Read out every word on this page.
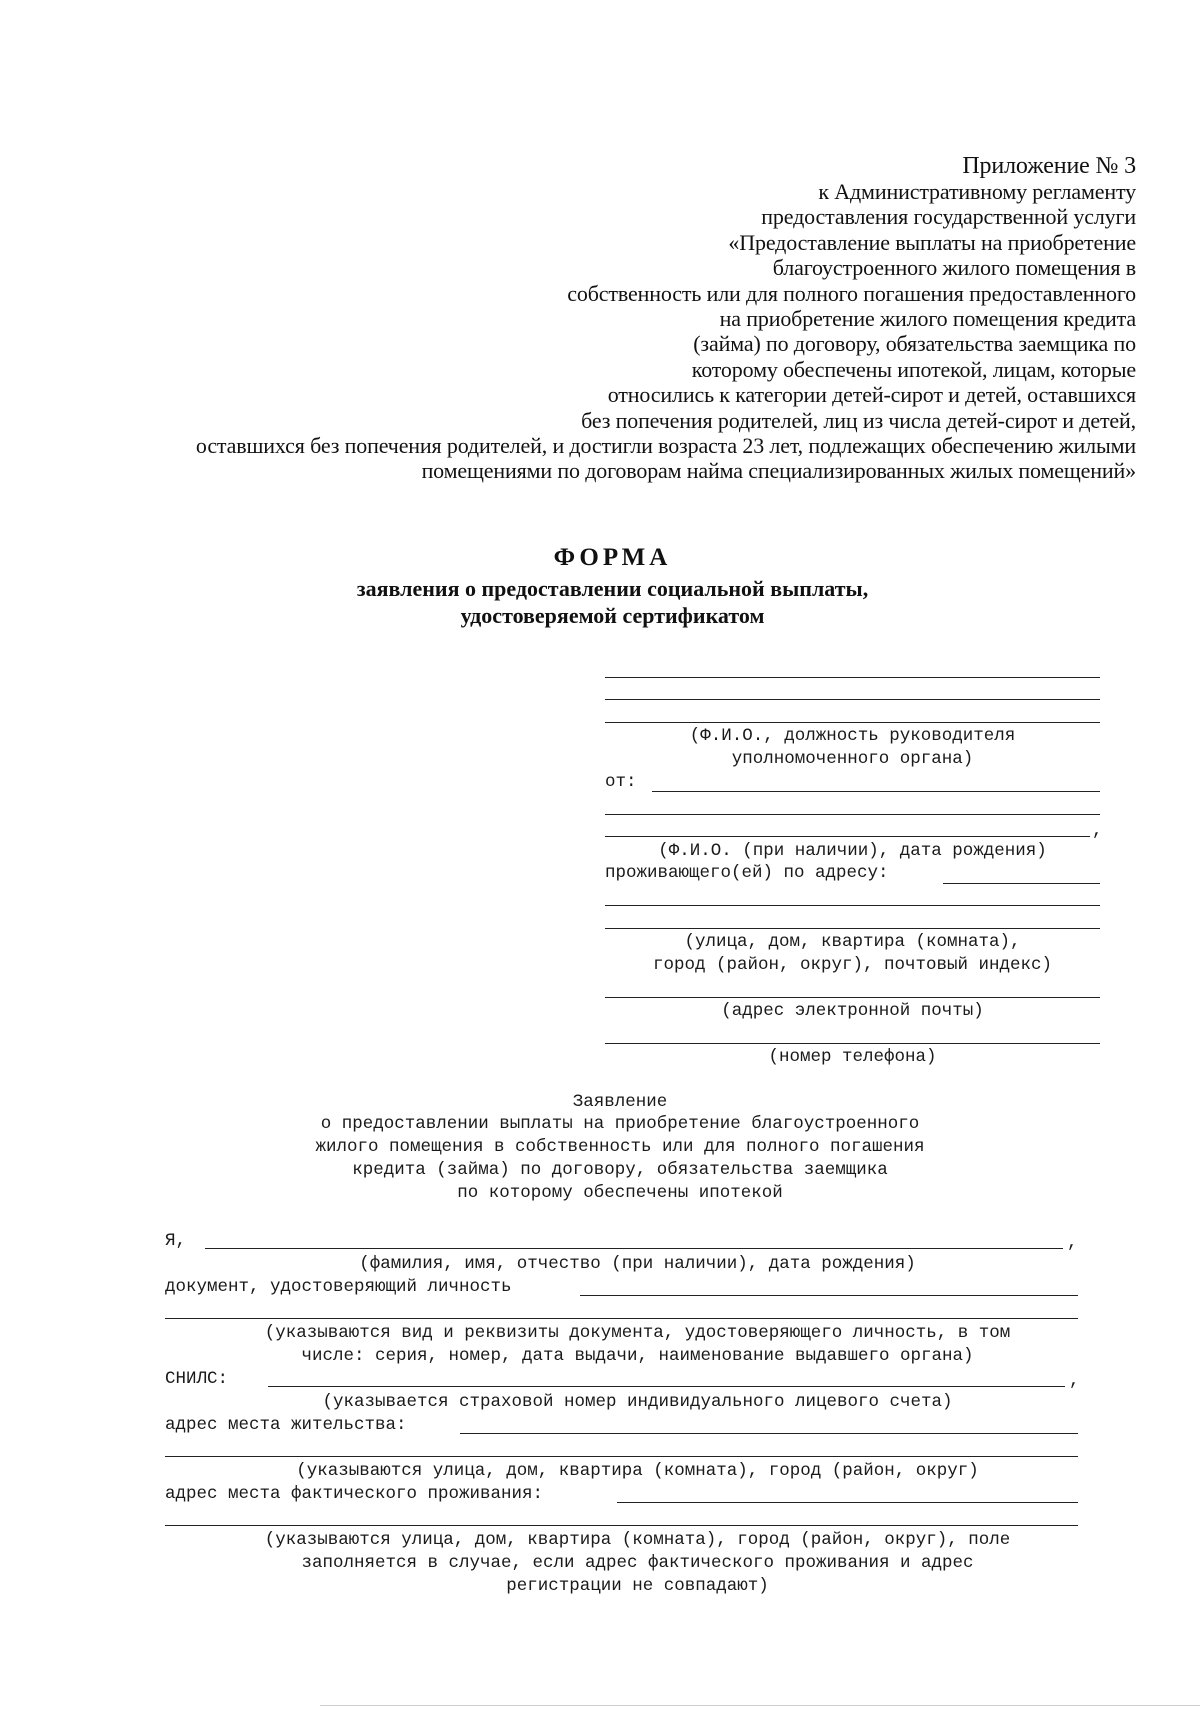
Приложение № 3
к Административному регламенту
предоставления государственной услуги
«Предоставление выплаты на приобретение
благоустроенного жилого помещения в
собственность или для полного погашения предоставленного
на приобретение жилого помещения кредита
(займа) по договору, обязательства заемщика по
которому обеспечены ипотекой, лицам, которые
относились к категории детей-сирот и детей, оставшихся
без попечения родителей, лиц из числа детей-сирот и детей,
оставшихся без попечения родителей, и достигли возраста 23 лет, подлежащих обеспечению жилыми
помещениями по договорам найма специализированных жилых помещений»
ФОРМА
заявления о предоставлении социальной выплаты,
удостоверяемой сертификатом
(Ф.И.О., должность руководителя
уполномоченного органа)
от:
,
(Ф.И.О. (при наличии), дата рождения)
проживающего(ей) по адресу:
(улица, дом, квартира (комната),
город (район, округ), почтовый индекс)
(адрес электронной почты)
(номер телефона)
Заявление
о предоставлении выплаты на приобретение благоустроенного
жилого помещения в собственность или для полного погашения
кредита (займа) по договору, обязательства заемщика
по которому обеспечены ипотекой
Я,	,
(фамилия, имя, отчество (при наличии), дата рождения)
документ, удостоверяющий личность
(указываются вид и реквизиты документа, удостоверяющего личность, в том
числе: серия, номер, дата выдачи, наименование выдавшего органа)
СНИЛС:	,
(указывается страховой номер индивидуального лицевого счета)
адрес места жительства:
(указываются улица, дом, квартира (комната), город (район, округ)
адрес места фактического проживания:
(указываются улица, дом, квартира (комната), город (район, округ), поле
заполняется в случае, если адрес фактического проживания и адрес
регистрации не совпадают)
